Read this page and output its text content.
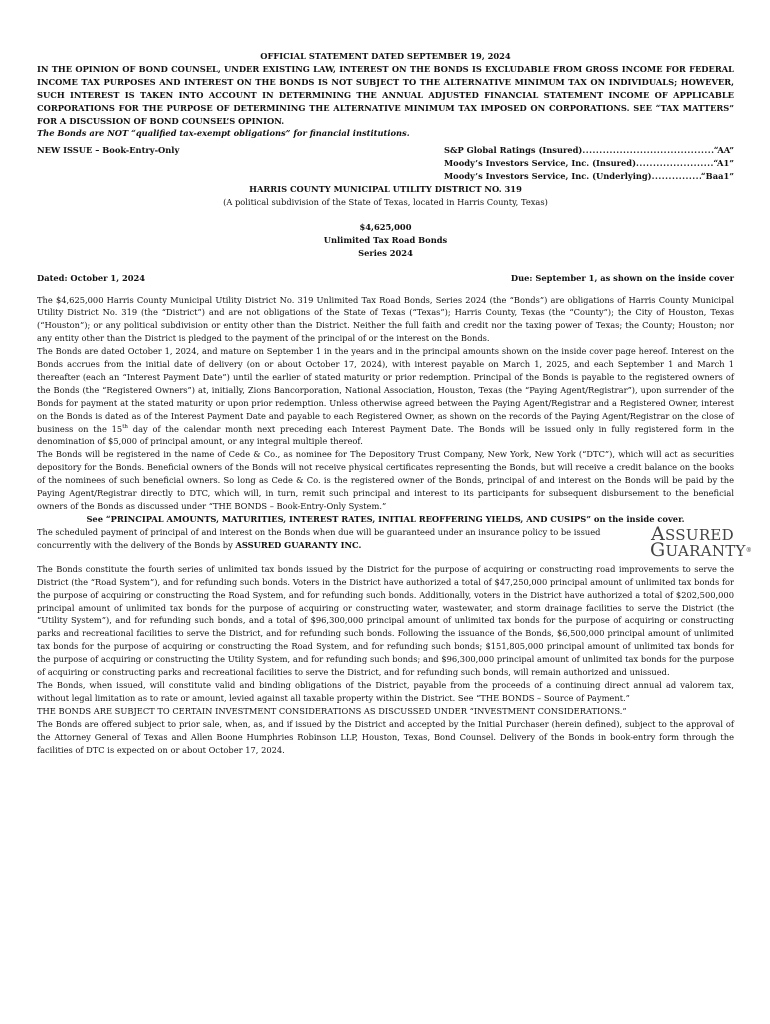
OFFICIAL STATEMENT DATED SEPTEMBER 19, 2024

IN THE OPINION OF BOND COUNSEL, UNDER EXISTING LAW, INTEREST ON THE BONDS IS EXCLUDABLE FROM GROSS INCOME FOR FEDERAL INCOME TAX PURPOSES AND INTEREST ON THE BONDS IS NOT SUBJECT TO THE ALTERNATIVE MINIMUM TAX ON INDIVIDUALS; HOWEVER, SUCH INTEREST IS TAKEN INTO ACCOUNT IN DETERMINING THE ANNUAL ADJUSTED FINANCIAL STATEMENT INCOME OF APPLICABLE CORPORATIONS FOR THE PURPOSE OF DETERMINING THE ALTERNATIVE MINIMUM TAX IMPOSED ON CORPORATIONS. SEE “TAX MATTERS” FOR A DISCUSSION OF BOND COUNSEL’S OPINION.

The Bonds are NOT “qualified tax-exempt obligations” for financial institutions.

NEW ISSUE – Book-Entry-Only	S&P Global Ratings (Insured) .....	“AA”
Moody’s Investors Service, Inc. (Insured) .....	“A1”
Moody’s Investors Service, Inc. (Underlying) .....	“Baa1”

HARRIS COUNTY MUNICIPAL UTILITY DISTRICT NO. 319

(A political subdivision of the State of Texas, located in Harris County, Texas)

$4,625,000

Unlimited Tax Road Bonds

Series 2024

Dated: October 1, 2024	Due: September 1, as shown on the inside cover

The $4,625,000 Harris County Municipal Utility District No. 319 Unlimited Tax Road Bonds, Series 2024 (the “Bonds”) are obligations of Harris County Municipal Utility District No. 319 (the “District”) and are not obligations of the State of Texas (“Texas”); Harris County, Texas (the “County”); the City of Houston, Texas (“Houston”); or any political subdivision or entity other than the District. Neither the full faith and credit nor the taxing power of Texas; the County; Houston; nor any entity other than the District is pledged to the payment of the principal of or the interest on the Bonds.

The Bonds are dated October 1, 2024, and mature on September 1 in the years and in the principal amounts shown on the inside cover page hereof. Interest on the Bonds accrues from the initial date of delivery (on or about October 17, 2024), with interest payable on March 1, 2025, and each September 1 and March 1 thereafter (each an “Interest Payment Date”) until the earlier of stated maturity or prior redemption. Principal of the Bonds is payable to the registered owners of the Bonds (the “Registered Owners”) at, initially, Zions Bancorporation, National Association, Houston, Texas (the “Paying Agent/Registrar”), upon surrender of the Bonds for payment at the stated maturity or upon prior redemption. Unless otherwise agreed between the Paying Agent/Registrar and a Registered Owner, interest on the Bonds is dated as of the Interest Payment Date and payable to each Registered Owner, as shown on the records of the Paying Agent/Registrar on the close of business on the 15th day of the calendar month next preceding each Interest Payment Date. The Bonds will be issued only in fully registered form in the denomination of $5,000 of principal amount, or any integral multiple thereof.

The Bonds will be registered in the name of Cede & Co., as nominee for The Depository Trust Company, New York, New York (“DTC”), which will act as securities depository for the Bonds. Beneficial owners of the Bonds will not receive physical certificates representing the Bonds, but will receive a credit balance on the books of the nominees of such beneficial owners. So long as Cede & Co. is the registered owner of the Bonds, principal of and interest on the Bonds will be paid by the Paying Agent/Registrar directly to DTC, which will, in turn, remit such principal and interest to its participants for subsequent disbursement to the beneficial owners of the Bonds as discussed under “THE BONDS – Book-Entry-Only System.”

See “PRINCIPAL AMOUNTS, MATURITIES, INTEREST RATES, INITIAL REOFFERING YIELDS, AND CUSIPS” on the inside cover.

The scheduled payment of principal of and interest on the Bonds when due will be guaranteed under an insurance policy to be issued concurrently with the delivery of the Bonds by ASSURED GUARANTY INC.	ASSURED
GUARANTY®

The Bonds constitute the fourth series of unlimited tax bonds issued by the District for the purpose of acquiring or constructing road improvements to serve the District (the “Road System”), and for refunding such bonds. Voters in the District have authorized a total of $47,250,000 principal amount of unlimited tax bonds for the purpose of acquiring or constructing the Road System, and for refunding such bonds. Additionally, voters in the District have authorized a total of $202,500,000 principal amount of unlimited tax bonds for the purpose of acquiring or constructing water, wastewater, and storm drainage facilities to serve the District (the “Utility System”), and for refunding such bonds, and a total of $96,300,000 principal amount of unlimited tax bonds for the purpose of acquiring or constructing parks and recreational facilities to serve the District, and for refunding such bonds. Following the issuance of the Bonds, $6,500,000 principal amount of unlimited tax bonds for the purpose of acquiring or constructing the Road System, and for refunding such bonds; $151,805,000 principal amount of unlimited tax bonds for the purpose of acquiring or constructing the Utility System, and for refunding such bonds; and $96,300,000 principal amount of unlimited tax bonds for the purpose of acquiring or constructing parks and recreational facilities to serve the District, and for refunding such bonds, will remain authorized and unissued.

The Bonds, when issued, will constitute valid and binding obligations of the District, payable from the proceeds of a continuing direct annual ad valorem tax, without legal limitation as to rate or amount, levied against all taxable property within the District. See “THE BONDS – Source of Payment.”

THE BONDS ARE SUBJECT TO CERTAIN INVESTMENT CONSIDERATIONS AS DISCUSSED UNDER “INVESTMENT CONSIDERATIONS.”

The Bonds are offered subject to prior sale, when, as, and if issued by the District and accepted by the Initial Purchaser (herein defined), subject to the approval of the Attorney General of Texas and Allen Boone Humphries Robinson LLP, Houston, Texas, Bond Counsel. Delivery of the Bonds in book-entry form through the facilities of DTC is expected on or about October 17, 2024.
